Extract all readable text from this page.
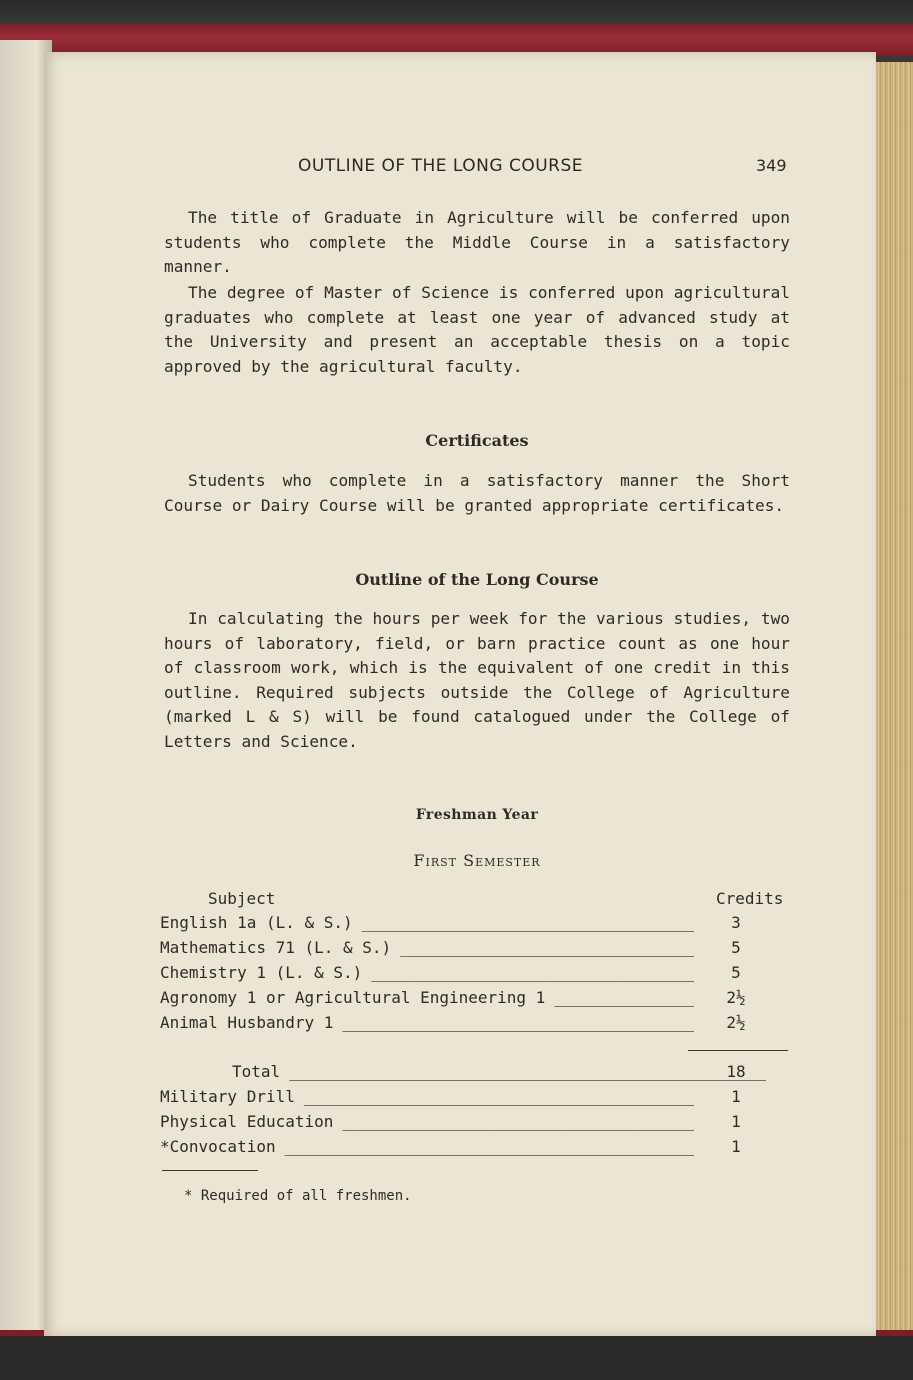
OUTLINE OF THE LONG COURSE	349

The title of Graduate in Agriculture will be conferred upon students who complete the Middle Course in a satisfactory manner.

The degree of Master of Science is conferred upon agricultural graduates who complete at least one year of advanced study at the University and present an acceptable thesis on a topic approved by the agricultural faculty.

Certificates

Students who complete in a satisfactory manner the Short Course or Dairy Course will be granted appropriate certificates.

Outline of the Long Course

In calculating the hours per week for the various studies, two hours of laboratory, field, or barn practice count as one hour of classroom work, which is the equivalent of one credit in this outline. Required subjects outside the College of Agriculture (marked L & S) will be found catalogued under the College of Letters and Science.

Freshman Year
First Semester
Subject	Credits
English 1a (L. & S.) _____	3
Mathematics 71 (L. & S.) _____	5
Chemistry 1 (L. & S.) _____	5
Agronomy 1 or Agricultural Engineering 1 _____	2½
Animal Husbandry 1 _____	2½
Total _____	18
Military Drill _____	1
Physical Education _____	1
*Convocation _____	1
* Required of all freshmen.
